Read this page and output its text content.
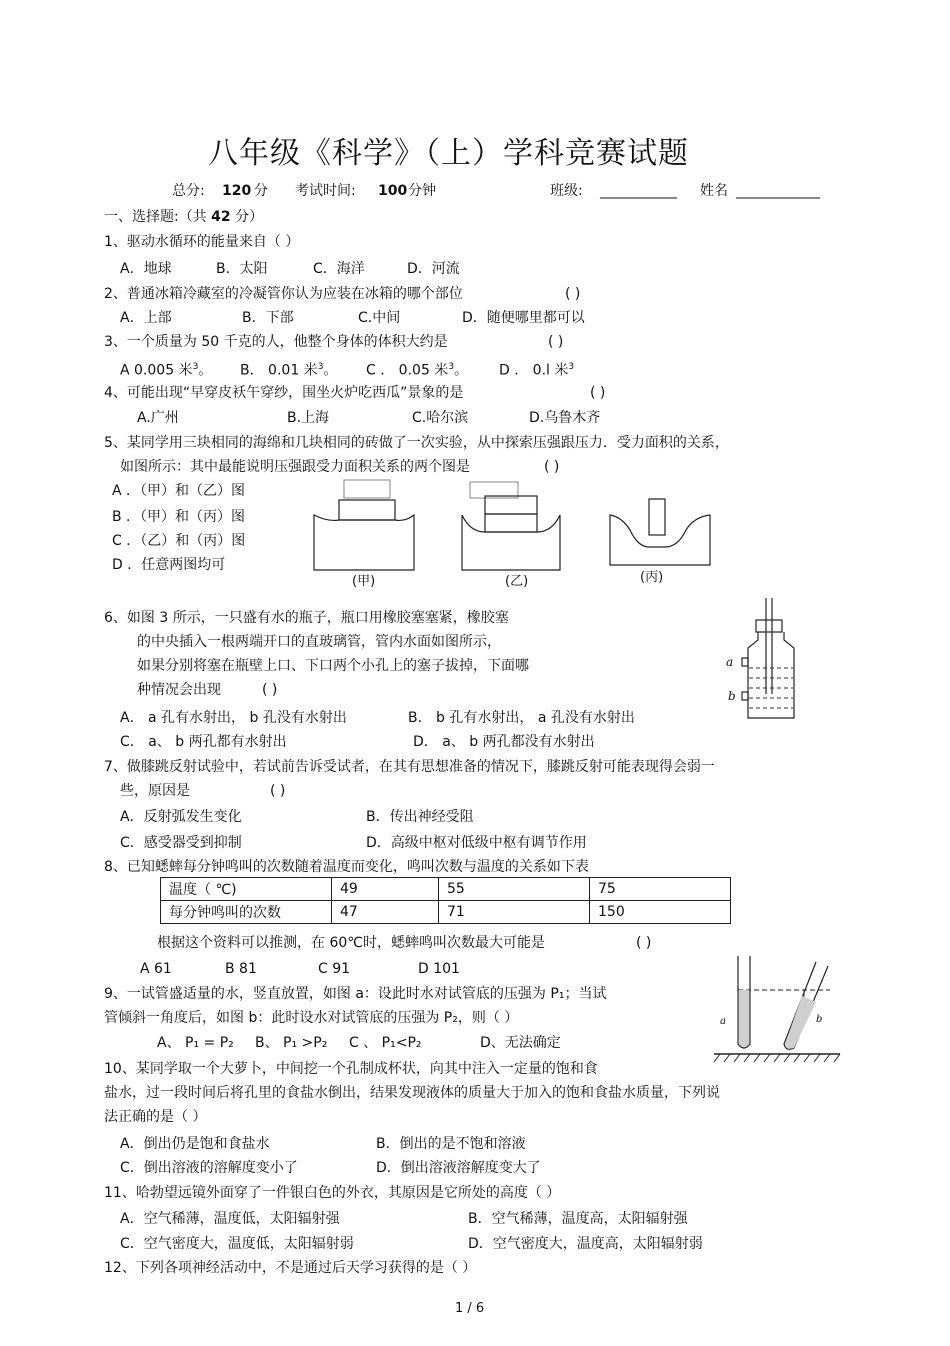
八年级《科学》（上）学科竞赛试题
总分: 120 分 考试时间: 100 分钟	班级: ___________ 姓名 ____________
一、选择题:（共 42 分）
1、驱动水循环的能量来自（ ）
A．地球	B．太阳	C．海洋	D．河流
2、普通冰箱冷藏室的冷凝管你认为应装在冰箱的哪个部位	( )
A．上部	B．下部	C.中间	D．随便哪里都可以
3、一个质量为 50 千克的人，他整个身体的体积大约是	( )
A 0.005 米$^3$。 B． 0.01 米$^3$。 C ． 0.05 米$^3$。 D ． 0.l 米$^3$
4、可能出现“早穿皮袄午穿纱，围坐火炉吃西瓜”景象的是	( )
A.广州	B.上海	C.哈尔滨	D.乌鲁木齐
5、某同学用三块相同的海绵和几块相同的砖做了一次实验，从中探索压强跟压力．受力面积的关系，
如图所示：其中最能说明压强跟受力面积关系的两个图是	( )
A ．（甲）和（乙）图
B ．（甲）和（丙）图
C ．（乙）和（丙）图
D ．任意两图均可
(甲)	(乙)	(丙)
6、如图 3 所示，一只盛有水的瓶子，瓶口用橡胶塞塞紧，橡胶塞
的中央插入一根两端开口的直玻璃管，管内水面如图所示，
如果分别将塞在瓶壁上口、下口两个小孔上的塞子拔掉，下面哪
种情况会出现	( )
A． a 孔有水射出， b 孔没有水射出	B． b 孔有水射出， a 孔没有水射出
C． a、 b 两孔都有水射出	D． a、 b 两孔都没有水射出
a
b
7、做膝跳反射试验中，若试前告诉受试者，在其有思想准备的情况下，膝跳反射可能表现得会弱一
些，原因是	( )
A．反射弧发生变化	B．传出神经受阻
C．感受器受到抑制	D．高级中枢对低级中枢有调节作用
8、已知蟋蟀每分钟鸣叫的次数随着温度而变化，鸣叫次数与温度的关系如下表
温度（ ℃)	49	55	75
每分钟鸣叫的次数	47	71	150
根据这个资料可以推测，在 60℃时，蟋蟀鸣叫次数最大可能是	( )
A 61	B 81	C 91	D 101
9、一试管盛适量的水，竖直放置，如图 a：设此时水对试管底的压强为 P₁；当试
管倾斜一角度后，如图 b：此时设水对试管底的压强为 P₂，则（ ）
A、 P₁ = P₂ B、 P₁ >P₂ C 、 P₁<P₂	D、无法确定
a	b
10、某同学取一个大萝卜，中间挖一个孔制成杯状，向其中注入一定量的饱和食
盐水，过一段时间后将孔里的食盐水倒出，结果发现液体的质量大于加入的饱和食盐水质量，下列说
法正确的是（ ）
A．倒出仍是饱和食盐水	B．倒出的是不饱和溶液
C．倒出溶液的溶解度变小了	D．倒出溶液溶解度变大了
11、哈勃望远镜外面穿了一件银白色的外衣，其原因是它所处的高度（ ）
A．空气稀薄，温度低，太阳辐射强	B．空气稀薄，温度高，太阳辐射强
C．空气密度大，温度低，太阳辐射弱	D．空气密度大，温度高，太阳辐射弱
12、下列各项神经活动中，不是通过后天学习获得的是（ ）
1 / 6
